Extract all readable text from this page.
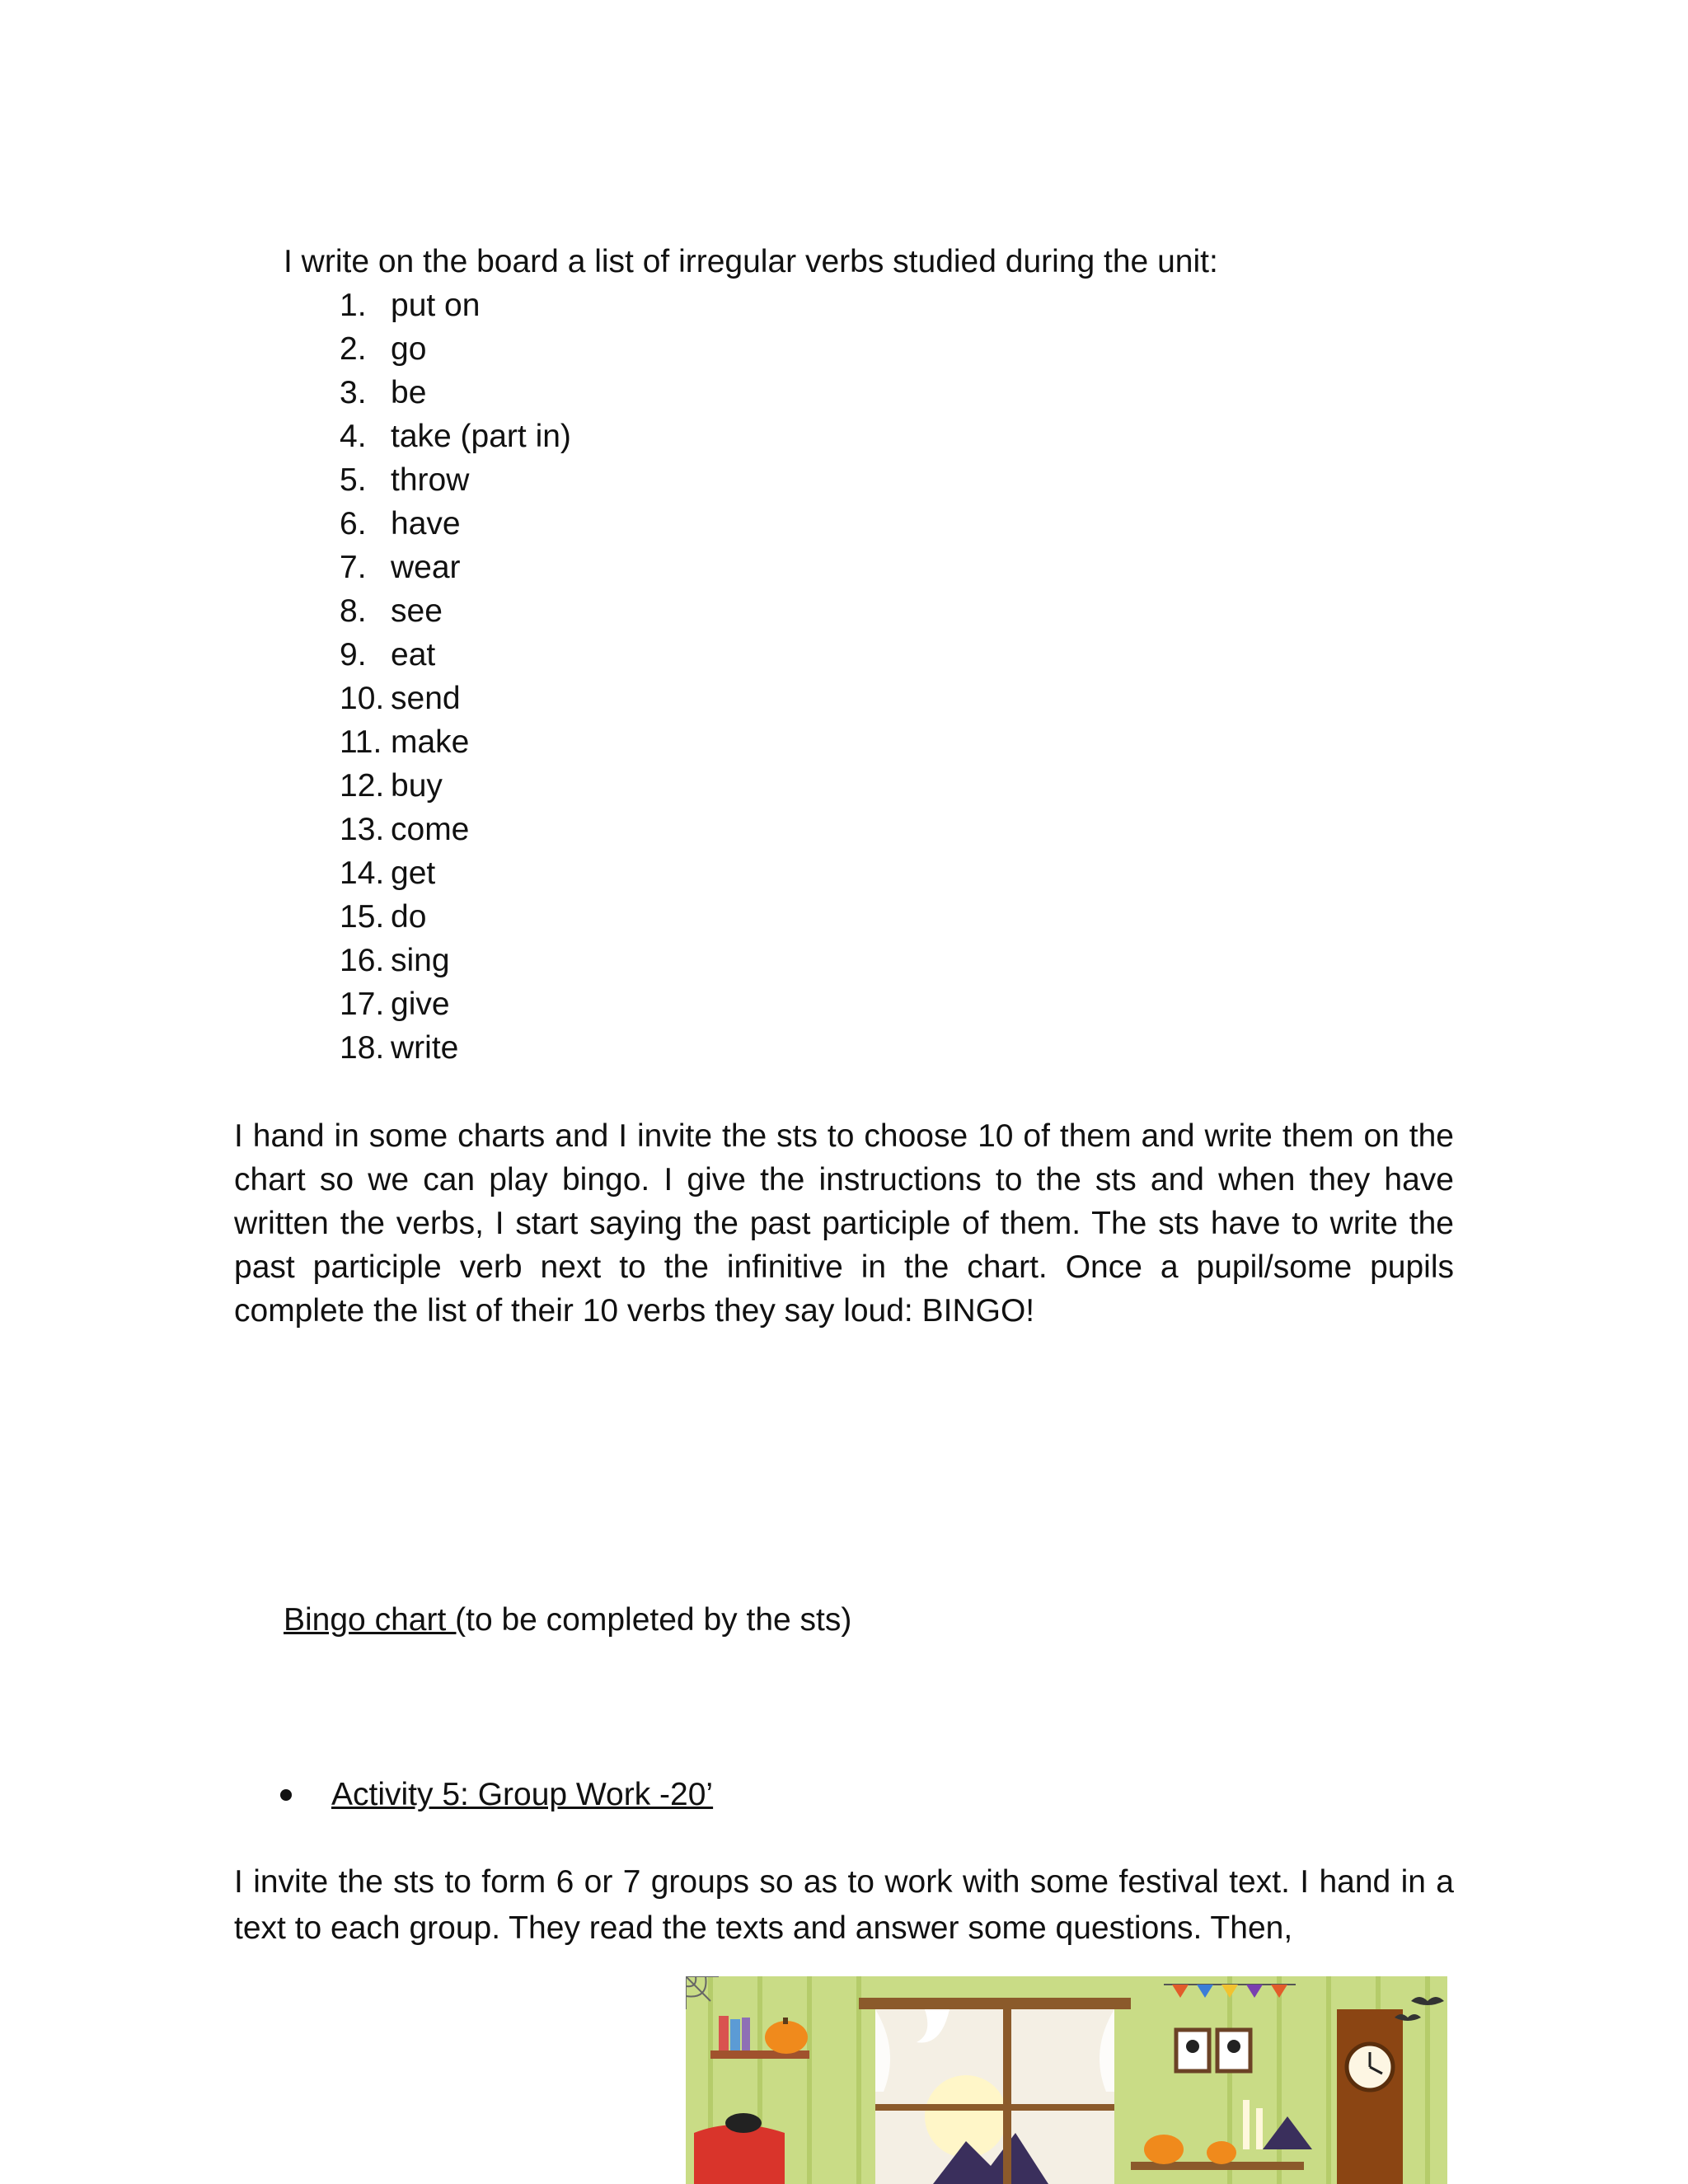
I write on the board a list of irregular verbs studied during the unit:

1. put on
2. go
3. be
4. take (part in)
5. throw
6. have
7. wear
8. see
9. eat
10. send
11. make
12. buy
13. come
14. get
15. do
16. sing
17. give
18. write

I hand in some charts and I invite the sts to choose 10 of them and write them on the chart so we can play bingo. I give the instructions to the sts and when they have written the verbs, I start saying the past participle of them. The sts have to write the past participle verb next to the infinitive in the chart. Once a pupil/some pupils complete the list of their 10 verbs they say loud: BINGO!

Bingo chart (to be completed by the sts)

Activity 5: Group Work -20’

I invite the sts to form 6 or 7 groups so as to work with some festival text. I hand in a text to each group. They read the texts and answer some questions. Then,
